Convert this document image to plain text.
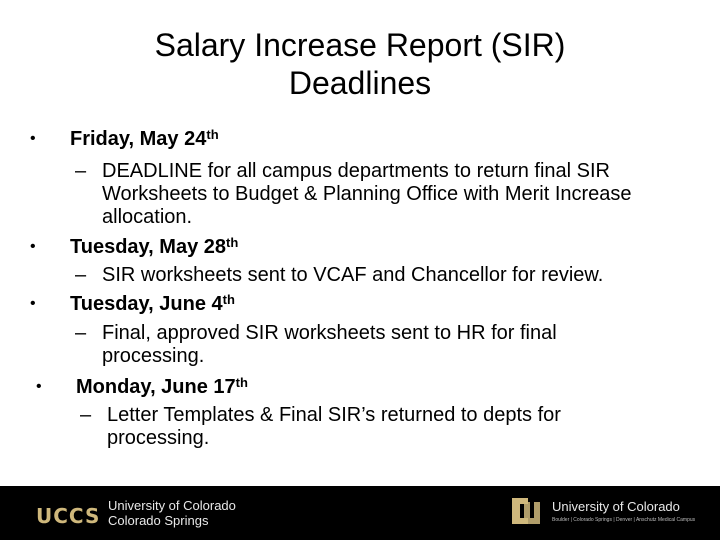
Salary Increase Report (SIR)
Deadlines
• Friday, May 24th
– DEADLINE for all campus departments to return final SIR Worksheets to Budget & Planning Office with Merit Increase allocation.
• Tuesday, May 28th
– SIR worksheets sent to VCAF and Chancellor for review.
• Tuesday, June 4th
– Final, approved SIR worksheets sent to HR for final processing.
• Monday, June 17th
– Letter Templates & Final SIR’s returned to depts for processing.
UCCS University of Colorado
Colorado Springs
University of Colorado
Boulder | Colorado Springs | Denver | Anschutz Medical Campus
